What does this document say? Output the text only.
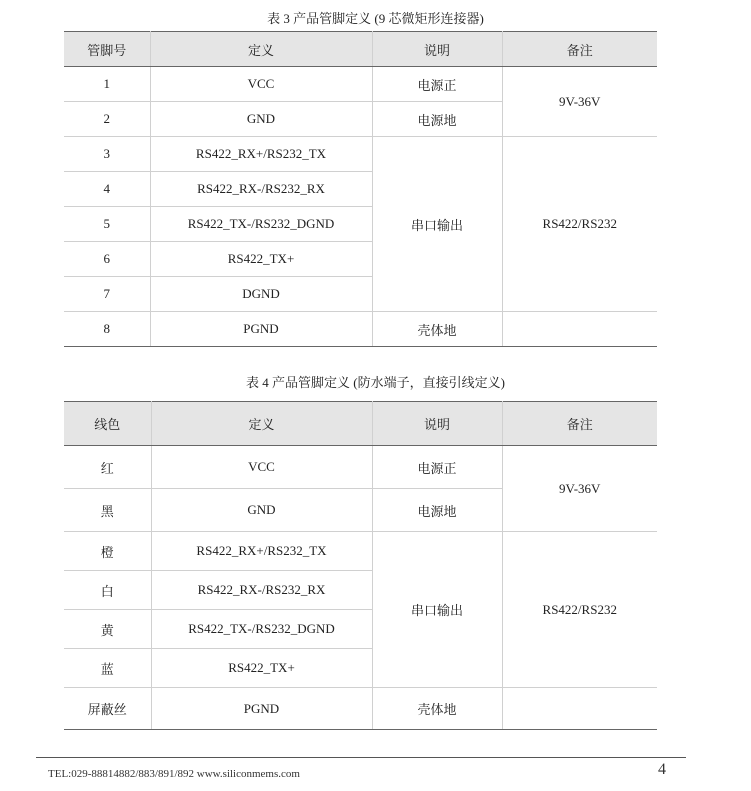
表 3 产品管脚定义 (9 芯微矩形连接器)
管脚号	定义	说明	备注
1	VCC	电源正	9V-36V
2	GND	电源地	
3	RS422_RX+/RS232_TX	串口输出	RS422/RS232
4	RS422_RX-/RS232_RX		
5	RS422_TX-/RS232_DGND		
6	RS422_TX+		
7	DGND		
8	PGND	壳体地	
表 4 产品管脚定义 (防水端子，直接引线定义)
线色	定义	说明	备注
红	VCC	电源正	9V-36V
黑	GND	电源地	
橙	RS422_RX+/RS232_TX	串口输出	RS422/RS232
白	RS422_RX-/RS232_RX		
黄	RS422_TX-/RS232_DGND		
蓝	RS422_TX+		
屏蔽丝	PGND	壳体地	
TEL:029-88814882/883/891/892 www.siliconmems.com	4
